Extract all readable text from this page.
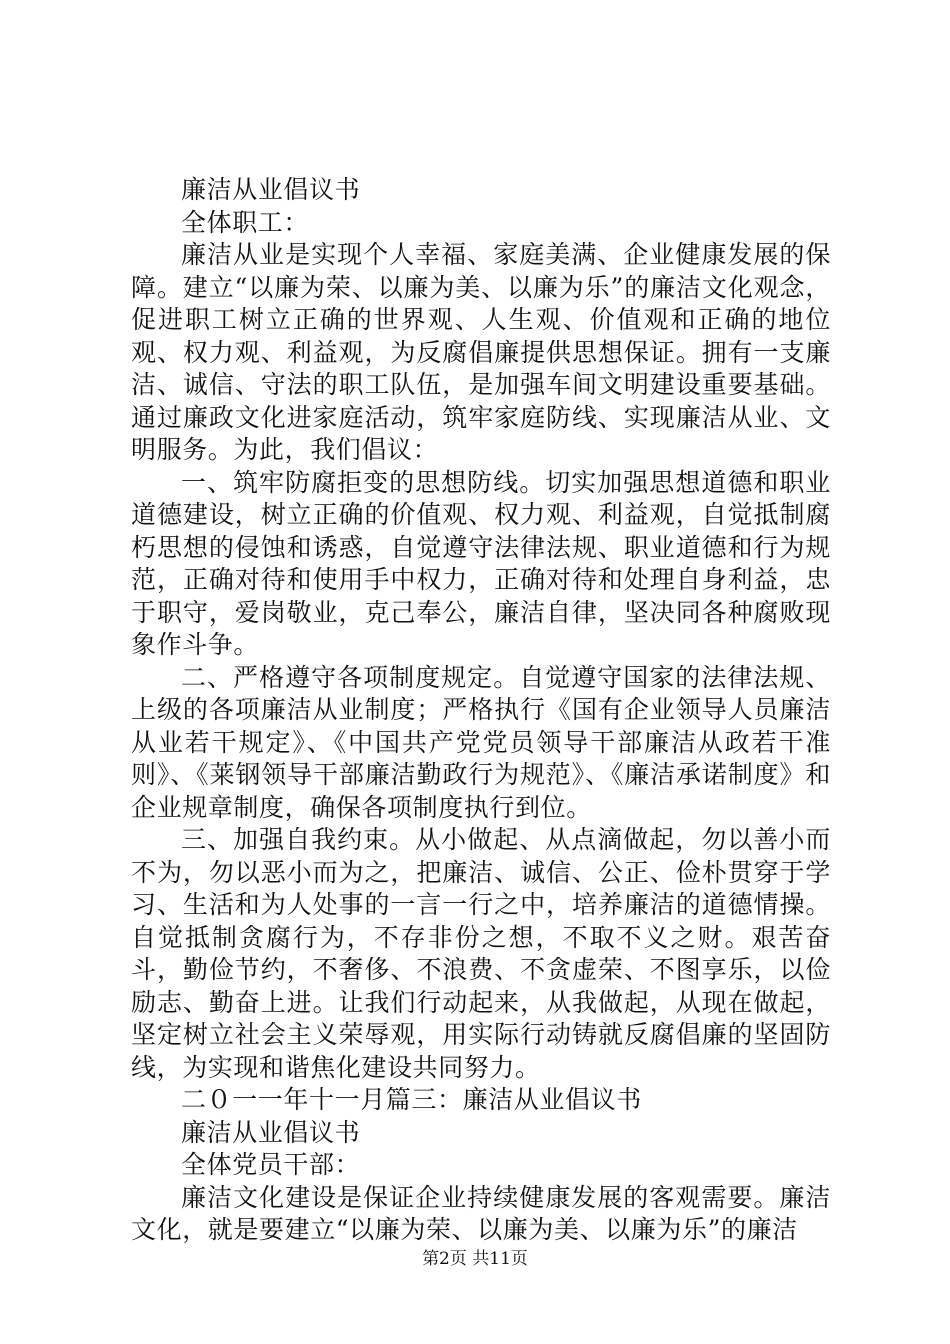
廉洁从业倡议书

全体职工：

廉洁从业是实现个人幸福、家庭美满、企业健康发展的保障。建立“以廉为荣、以廉为美、以廉为乐”的廉洁文化观念，促进职工树立正确的世界观、人生观、价值观和正确的地位观、权力观、利益观，为反腐倡廉提供思想保证。拥有一支廉洁、诚信、守法的职工队伍，是加强车间文明建设重要基础。通过廉政文化进家庭活动，筑牢家庭防线、实现廉洁从业、文明服务。为此，我们倡议：

一、筑牢防腐拒变的思想防线。切实加强思想道德和职业道德建设，树立正确的价值观、权力观、利益观，自觉抵制腐朽思想的侵蚀和诱惑，自觉遵守法律法规、职业道德和行为规范，正确对待和使用手中权力，正确对待和处理自身利益，忠于职守，爱岗敬业，克己奉公，廉洁自律，坚决同各种腐败现象作斗争。

二、严格遵守各项制度规定。自觉遵守国家的法律法规、上级的各项廉洁从业制度；严格执行《国有企业领导人员廉洁从业若干规定》、《中国共产党党员领导干部廉洁从政若干准则》、《莱钢领导干部廉洁勤政行为规范》、《廉洁承诺制度》和企业规章制度，确保各项制度执行到位。

三、加强自我约束。从小做起、从点滴做起，勿以善小而不为，勿以恶小而为之，把廉洁、诚信、公正、俭朴贯穿于学习、生活和为人处事的一言一行之中，培养廉洁的道德情操。自觉抵制贪腐行为，不存非份之想，不取不义之财。艰苦奋斗，勤俭节约，不奢侈、不浪费、不贪虚荣、不图享乐，以俭励志、勤奋上进。让我们行动起来，从我做起，从现在做起，坚定树立社会主义荣辱观，用实际行动铸就反腐倡廉的坚固防线，为实现和谐焦化建设共同努力。

二０一一年十一月篇三：廉洁从业倡议书

廉洁从业倡议书

全体党员干部：

廉洁文化建设是保证企业持续健康发展的客观需要。廉洁文化，就是要建立“以廉为荣、以廉为美、以廉为乐”的廉洁

第2页 共11页
